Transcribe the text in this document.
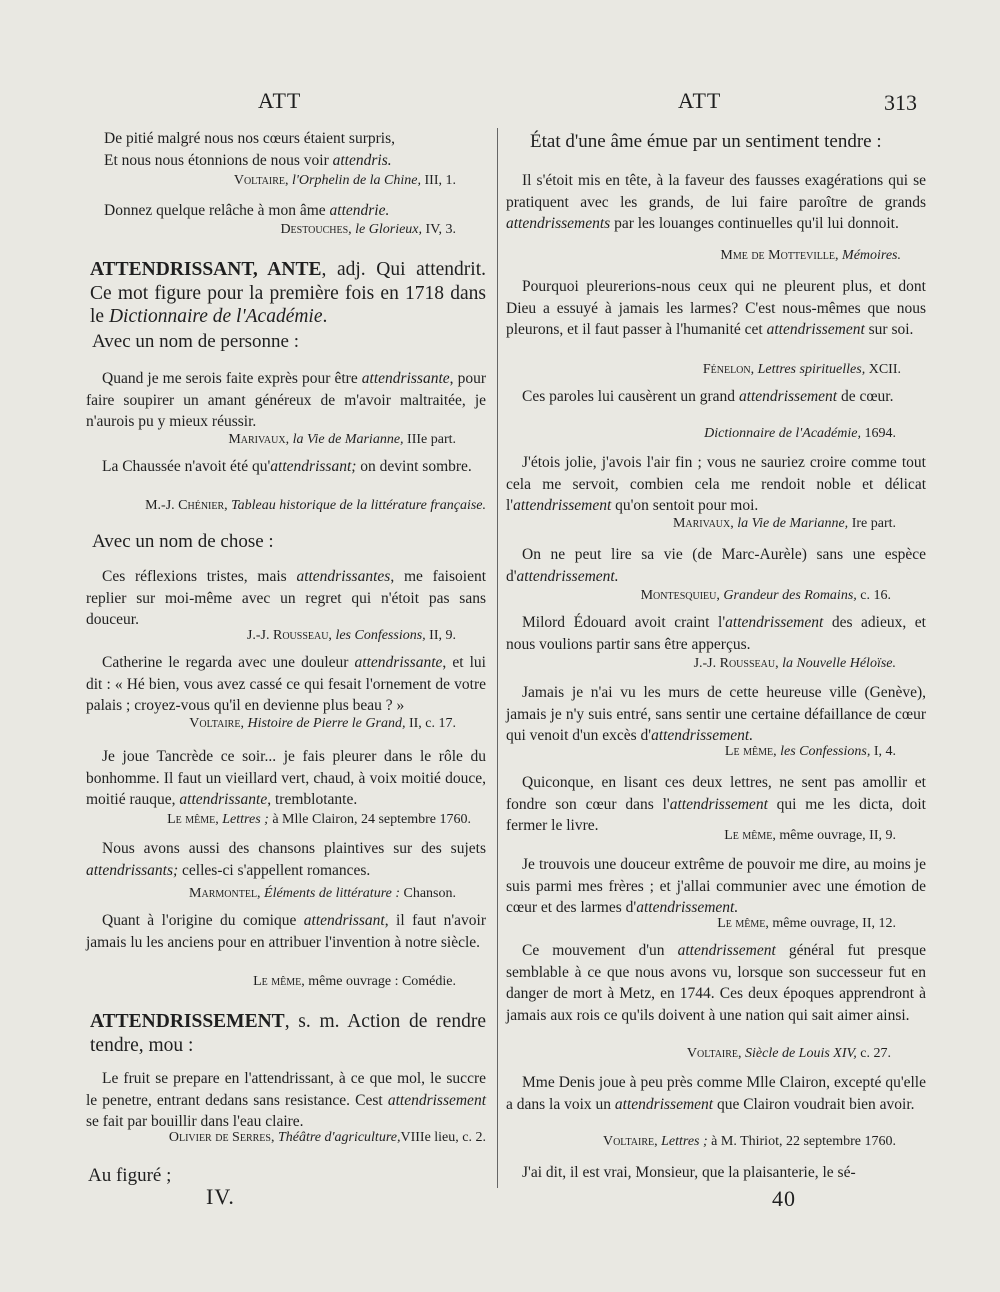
ATT	ATT	313
De pitié malgré nous nos cœurs étaient surpris,
Et nous nous étonnions de nous voir attendris.
Voltaire, l'Orphelin de la Chine, III, 1.
Donnez quelque relâche à mon âme attendrie.
Destouches, le Glorieux, IV, 3.
ATTENDRISSANT, ANTE, adj. Qui attendrit. Ce mot figure pour la première fois en 1718 dans le Dictionnaire de l'Académie.
Avec un nom de personne :
Quand je me serois faite exprès pour être attendrissante, pour faire soupirer un amant généreux de m'avoir maltraitée, je n'aurois pu y mieux réussir.
Marivaux, la Vie de Marianne, IIIe part.
La Chaussée n'avoit été qu'attendrissant; on devint sombre.
M.-J. Chénier, Tableau historique de la littérature française.
Avec un nom de chose :
Ces réflexions tristes, mais attendrissantes, me faisoient replier sur moi-même avec un regret qui n'étoit pas sans douceur.
J.-J. Rousseau, les Confessions, II, 9.
Catherine le regarda avec une douleur attendrissante, et lui dit : « Hé bien, vous avez cassé ce qui fesait l'ornement de votre palais ; croyez-vous qu'il en devienne plus beau ? »
Voltaire, Histoire de Pierre le Grand, II, c. 17.
Je joue Tancrède ce soir... je fais pleurer dans le rôle du bonhomme. Il faut un vieillard vert, chaud, à voix moitié douce, moitié rauque, attendrissante, tremblotante.
Le même, Lettres ; à Mlle Clairon, 24 septembre 1760.
Nous avons aussi des chansons plaintives sur des sujets attendrissants; celles-ci s'appellent romances.
Marmontel, Éléments de littérature : Chanson.
Quant à l'origine du comique attendrissant, il faut n'avoir jamais lu les anciens pour en attribuer l'invention à notre siècle.
Le même, même ouvrage : Comédie.
ATTENDRISSEMENT, s. m. Action de rendre tendre, mou :
Le fruit se prepare en l'attendrissant, à ce que mol, le succre le penetre, entrant dedans sans resistance. Cest attendrissement se fait par bouillir dans l'eau claire.
Olivier de Serres, Théâtre d'agriculture,VIIIe lieu, c. 2.
Au figuré ;
IV.	40
État d'une âme émue par un sentiment tendre :
Il s'étoit mis en tête, à la faveur des fausses exagérations qui se pratiquent avec les grands, de lui faire paroître de grands attendrissements par les louanges continuelles qu'il lui donnoit.
Mme de Motteville, Mémoires.
Pourquoi pleurerions-nous ceux qui ne pleurent plus, et dont Dieu a essuyé à jamais les larmes? C'est nous-mêmes que nous pleurons, et il faut passer à l'humanité cet attendrissement sur soi.
Fénelon, Lettres spirituelles, XCII.
Ces paroles lui causèrent un grand attendrissement de cœur.
Dictionnaire de l'Académie, 1694.
J'étois jolie, j'avois l'air fin ; vous ne sauriez croire comme tout cela me servoit, combien cela me rendoit noble et délicat l'attendrissement qu'on sentoit pour moi.
Marivaux, la Vie de Marianne, Ire part.
On ne peut lire sa vie (de Marc-Aurèle) sans une espèce d'attendrissement.
Montesquieu, Grandeur des Romains, c. 16.
Milord Édouard avoit craint l'attendrissement des adieux, et nous voulions partir sans être apperçus.
J.-J. Rousseau, la Nouvelle Héloïse.
Jamais je n'ai vu les murs de cette heureuse ville (Genève), jamais je n'y suis entré, sans sentir une certaine défaillance de cœur qui venoit d'un excès d'attendrissement.
Le même, les Confessions, I, 4.
Quiconque, en lisant ces deux lettres, ne sent pas amollir et fondre son cœur dans l'attendrissement qui me les dicta, doit fermer le livre.
Le même, même ouvrage, II, 9.
Je trouvois une douceur extrême de pouvoir me dire, au moins je suis parmi mes frères ; et j'allai communier avec une émotion de cœur et des larmes d'attendrissement.
Le même, même ouvrage, II, 12.
Ce mouvement d'un attendrissement général fut presque semblable à ce que nous avons vu, lorsque son successeur fut en danger de mort à Metz, en 1744. Ces deux époques apprendront à jamais aux rois ce qu'ils doivent à une nation qui sait aimer ainsi.
Voltaire, Siècle de Louis XIV, c. 27.
Mme Denis joue à peu près comme Mlle Clairon, excepté qu'elle a dans la voix un attendrissement que Clairon voudrait bien avoir.
Voltaire, Lettres ; à M. Thiriot, 22 septembre 1760.
J'ai dit, il est vrai, Monsieur, que la plaisanterie, le sé-
